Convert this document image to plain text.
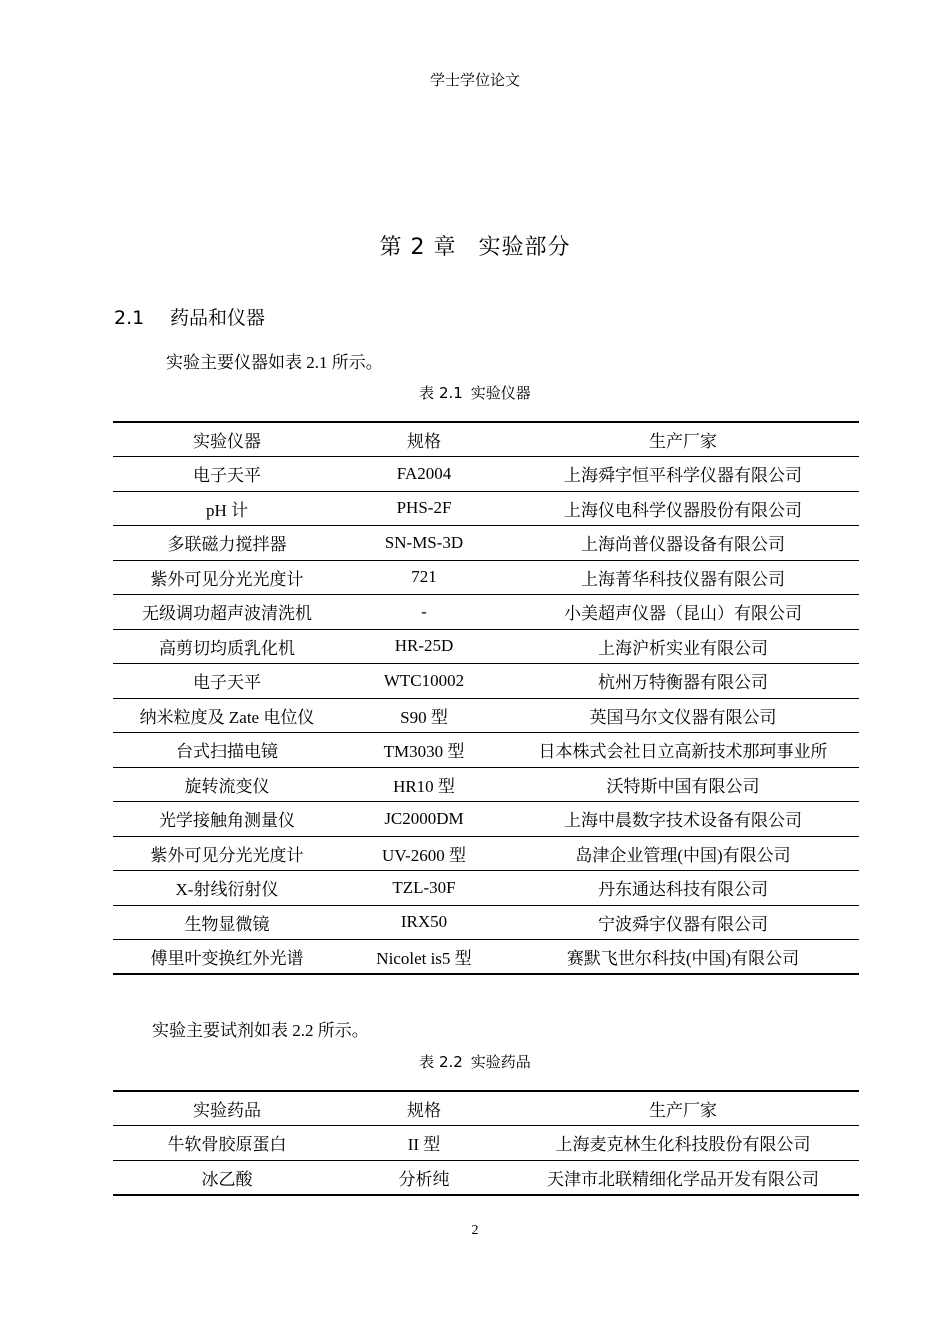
学士学位论文
第 2 章 实验部分
2.1 药品和仪器
实验主要仪器如表 2.1 所示。
表 2.1 实验仪器
实验仪器	规格	生产厂家
电子天平	FA2004	上海舜宇恒平科学仪器有限公司
pH 计	PHS-2F	上海仪电科学仪器股份有限公司
多联磁力搅拌器	SN-MS-3D	上海尚普仪器设备有限公司
紫外可见分光光度计	721	上海菁华科技仪器有限公司
无级调功超声波清洗机	-	小美超声仪器（昆山）有限公司
高剪切均质乳化机	HR-25D	上海沪析实业有限公司
电子天平	WTC10002	杭州万特衡器有限公司
纳米粒度及 Zate 电位仪	S90 型	英国马尔文仪器有限公司
台式扫描电镜	TM3030 型	日本株式会社日立高新技术那珂事业所
旋转流变仪	HR10 型	沃特斯中国有限公司
光学接触角测量仪	JC2000DM	上海中晨数字技术设备有限公司
紫外可见分光光度计	UV-2600 型	岛津企业管理(中国)有限公司
X-射线衍射仪	TZL-30F	丹东通达科技有限公司
生物显微镜	IRX50	宁波舜宇仪器有限公司
傅里叶变换红外光谱	Nicolet is5 型	赛默飞世尔科技(中国)有限公司
实验主要试剂如表 2.2 所示。
表 2.2 实验药品
实验药品	规格	生产厂家
牛软骨胶原蛋白	II 型	上海麦克林生化科技股份有限公司
冰乙酸	分析纯	天津市北联精细化学品开发有限公司
2
